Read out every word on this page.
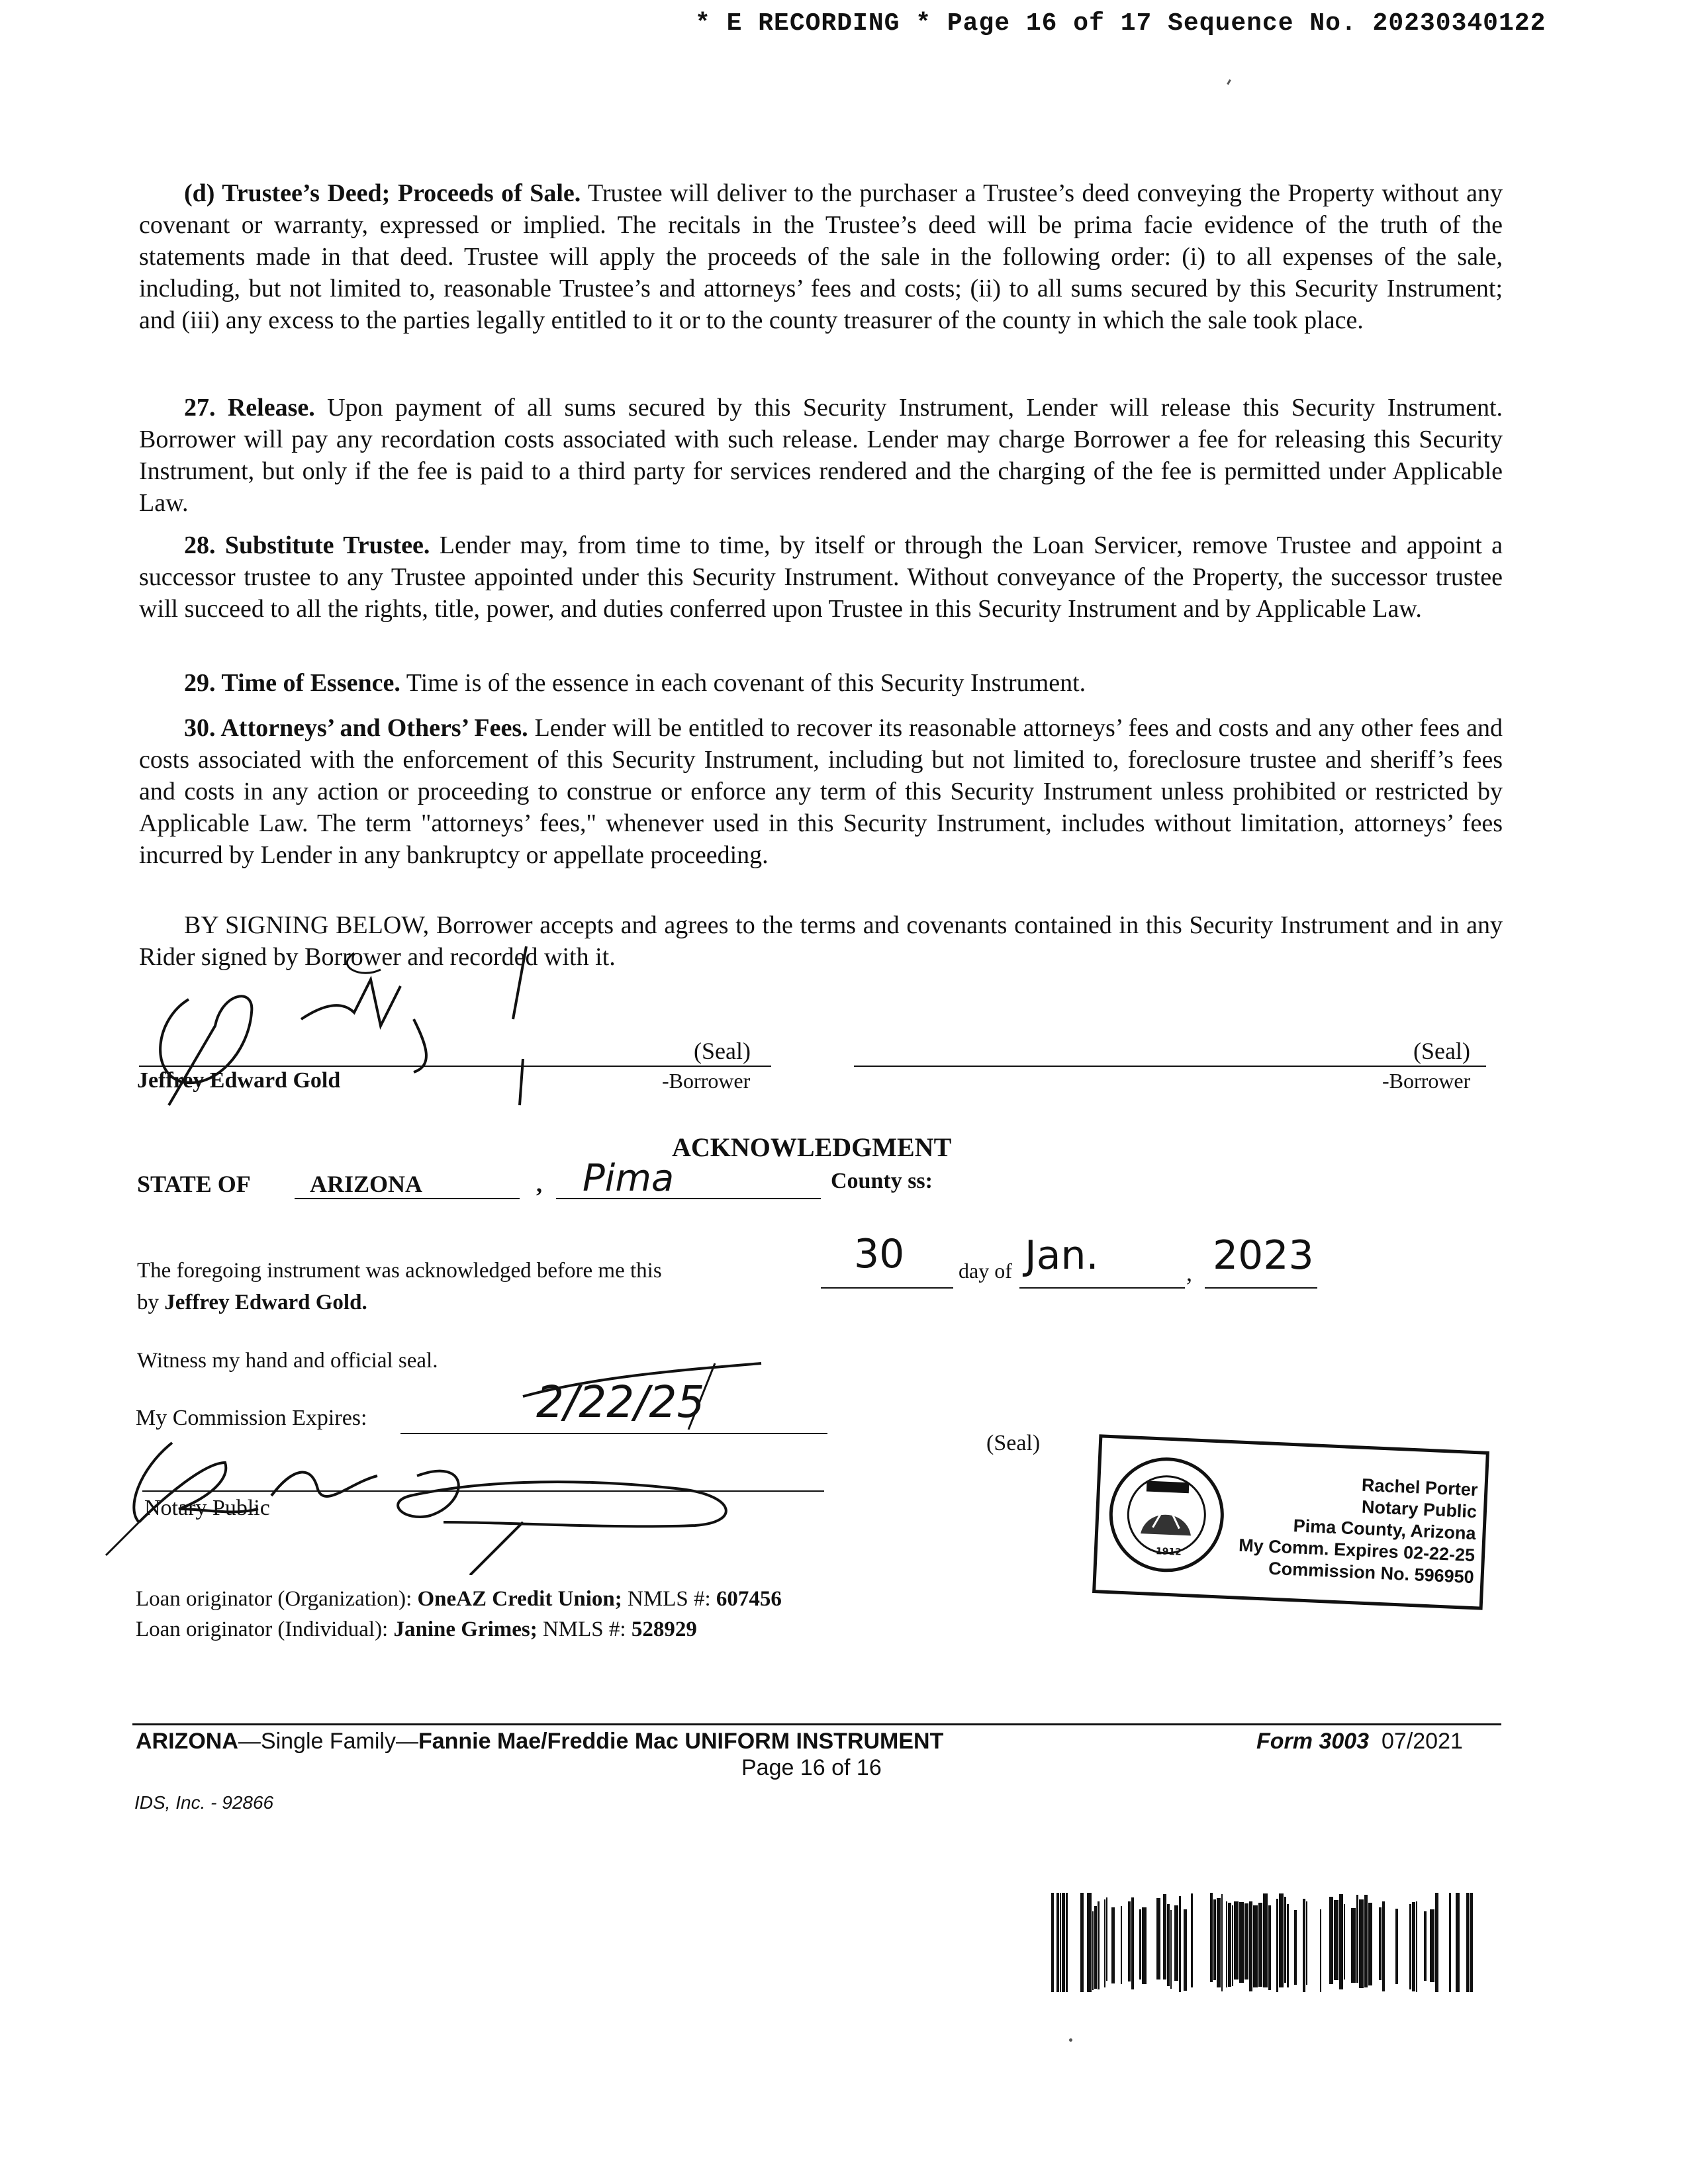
* E RECORDING * Page 16 of 17 Sequence No. 20230340122

(d) Trustee’s Deed; Proceeds of Sale. Trustee will deliver to the purchaser a Trustee’s deed conveying the Property without any covenant or warranty, expressed or implied. The recitals in the Trustee’s deed will be prima facie evidence of the truth of the statements made in that deed. Trustee will apply the proceeds of the sale in the following order: (i) to all expenses of the sale, including, but not limited to, reasonable Trustee’s and attorneys’ fees and costs; (ii) to all sums secured by this Security Instrument; and (iii) any excess to the parties legally entitled to it or to the county treasurer of the county in which the sale took place.

27. Release. Upon payment of all sums secured by this Security Instrument, Lender will release this Security Instrument. Borrower will pay any recordation costs associated with such release. Lender may charge Borrower a fee for releasing this Security Instrument, but only if the fee is paid to a third party for services rendered and the charging of the fee is permitted under Applicable Law.

28. Substitute Trustee. Lender may, from time to time, by itself or through the Loan Servicer, remove Trustee and appoint a successor trustee to any Trustee appointed under this Security Instrument. Without conveyance of the Property, the successor trustee will succeed to all the rights, title, power, and duties conferred upon Trustee in this Security Instrument and by Applicable Law.

29. Time of Essence. Time is of the essence in each covenant of this Security Instrument.

30. Attorneys’ and Others’ Fees. Lender will be entitled to recover its reasonable attorneys’ fees and costs and any other fees and costs associated with the enforcement of this Security Instrument, including but not limited to, foreclosure trustee and sheriff’s fees and costs in any action or proceeding to construe or enforce any term of this Security Instrument unless prohibited or restricted by Applicable Law. The term "attorneys’ fees," whenever used in this Security Instrument, includes without limitation, attorneys’ fees incurred by Lender in any bankruptcy or appellate proceeding.

BY SIGNING BELOW, Borrower accepts and agrees to the terms and covenants contained in this Security Instrument and in any Rider signed by Borrower and recorded with it.

(Seal)
Jeffrey Edward Gold	-Borrower
(Seal)
-Borrower
ACKNOWLEDGMENT
STATE OF ARIZONA	, Pima	County ss:
The foregoing instrument was acknowledged before me this	30	day of Jan.	, 2023
by Jeffrey Edward Gold.
Witness my hand and official seal.
My Commission Expires:	2/22/25
Notary Public
(Seal)
1912
Rachel Porter
Notary Public
Pima County, Arizona
My Comm. Expires 02-22-25
Commission No. 596950
Loan originator (Organization): OneAZ Credit Union; NMLS #: 607456
Loan originator (Individual): Janine Grimes; NMLS #: 528929
ARIZONA—Single Family—Fannie Mae/Freddie Mac UNIFORM INSTRUMENT	Form 3003 07/2021
Page 16 of 16
IDS, Inc. - 92866
